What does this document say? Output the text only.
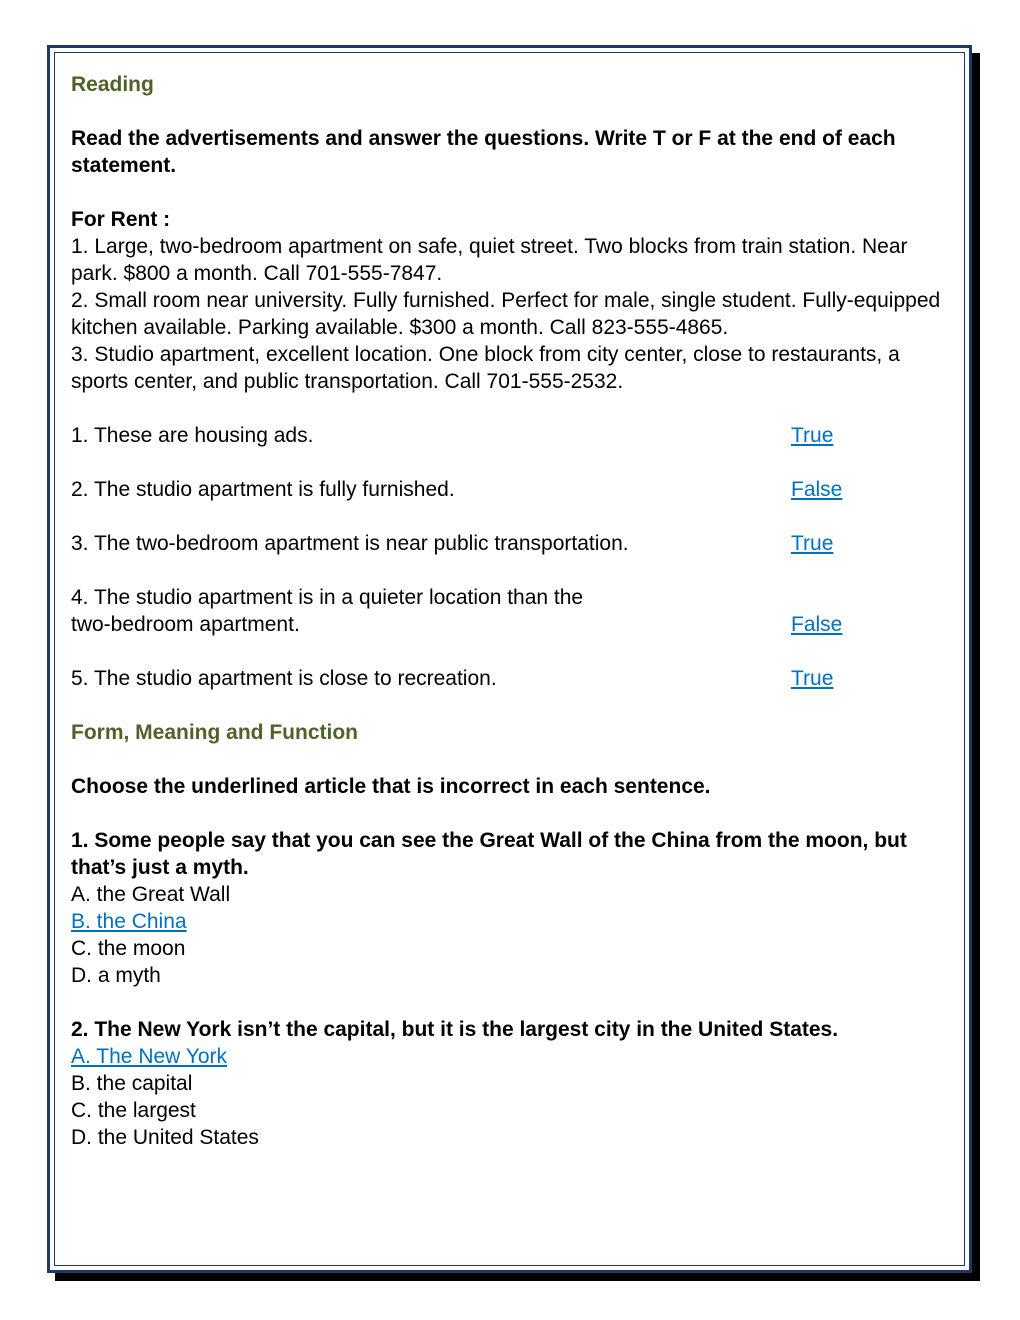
Reading
Read the advertisements and answer the questions. Write T or F at the end of each statement.
For Rent :
1. Large, two-bedroom apartment on safe, quiet street. Two blocks from train station. Near park. $800 a month. Call 701-555-7847.
2. Small room near university. Fully furnished. Perfect for male, single student. Fully-equipped kitchen available. Parking available. $300 a month. Call 823-555-4865.
3. Studio apartment, excellent location. One block from city center, close to restaurants, a sports center, and public transportation. Call 701-555-2532.
1. These are housing ads.	True
2. The studio apartment is fully furnished.	False
3. The two-bedroom apartment is near public transportation.	True
4. The studio apartment is in a quieter location than the
two-bedroom apartment.	False
5. The studio apartment is close to recreation.	True
Form, Meaning and Function
Choose the underlined article that is incorrect in each sentence.
1. Some people say that you can see the Great Wall of the China from the moon, but that’s just a myth.
A. the Great Wall
B. the China
C. the moon
D. a myth
2. The New York isn’t the capital, but it is the largest city in the United States.
A. The New York
B. the capital
C. the largest
D. the United States
